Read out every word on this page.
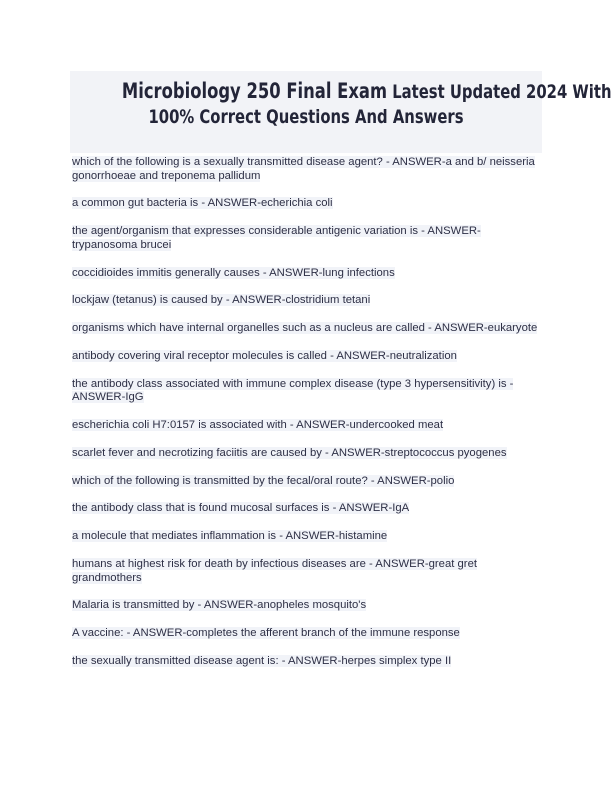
Microbiology 250 Final Exam Latest Updated 2024 With
100% Correct Questions And Answers
which of the following is a sexually transmitted disease agent? - ANSWER-a and b/ neisseria gonorrhoeae and treponema pallidum
a common gut bacteria is - ANSWER-echerichia coli
the agent/organism that expresses considerable antigenic variation is - ANSWER-trypanosoma brucei
coccidioides immitis generally causes - ANSWER-lung infections
lockjaw (tetanus) is caused by - ANSWER-clostridium tetani
organisms which have internal organelles such as a nucleus are called - ANSWER-eukaryote
antibody covering viral receptor molecules is called - ANSWER-neutralization
the antibody class associated with immune complex disease (type 3 hypersensitivity) is - ANSWER-IgG
escherichia coli H7:0157 is associated with - ANSWER-undercooked meat
scarlet fever and necrotizing faciitis are caused by - ANSWER-streptococcus pyogenes
which of the following is transmitted by the fecal/oral route? - ANSWER-polio
the antibody class that is found mucosal surfaces is - ANSWER-IgA
a molecule that mediates inflammation is - ANSWER-histamine
humans at highest risk for death by infectious diseases are - ANSWER-great gret grandmothers
Malaria is transmitted by - ANSWER-anopheles mosquito's
A vaccine: - ANSWER-completes the afferent branch of the immune response
the sexually transmitted disease agent is: - ANSWER-herpes simplex type II
